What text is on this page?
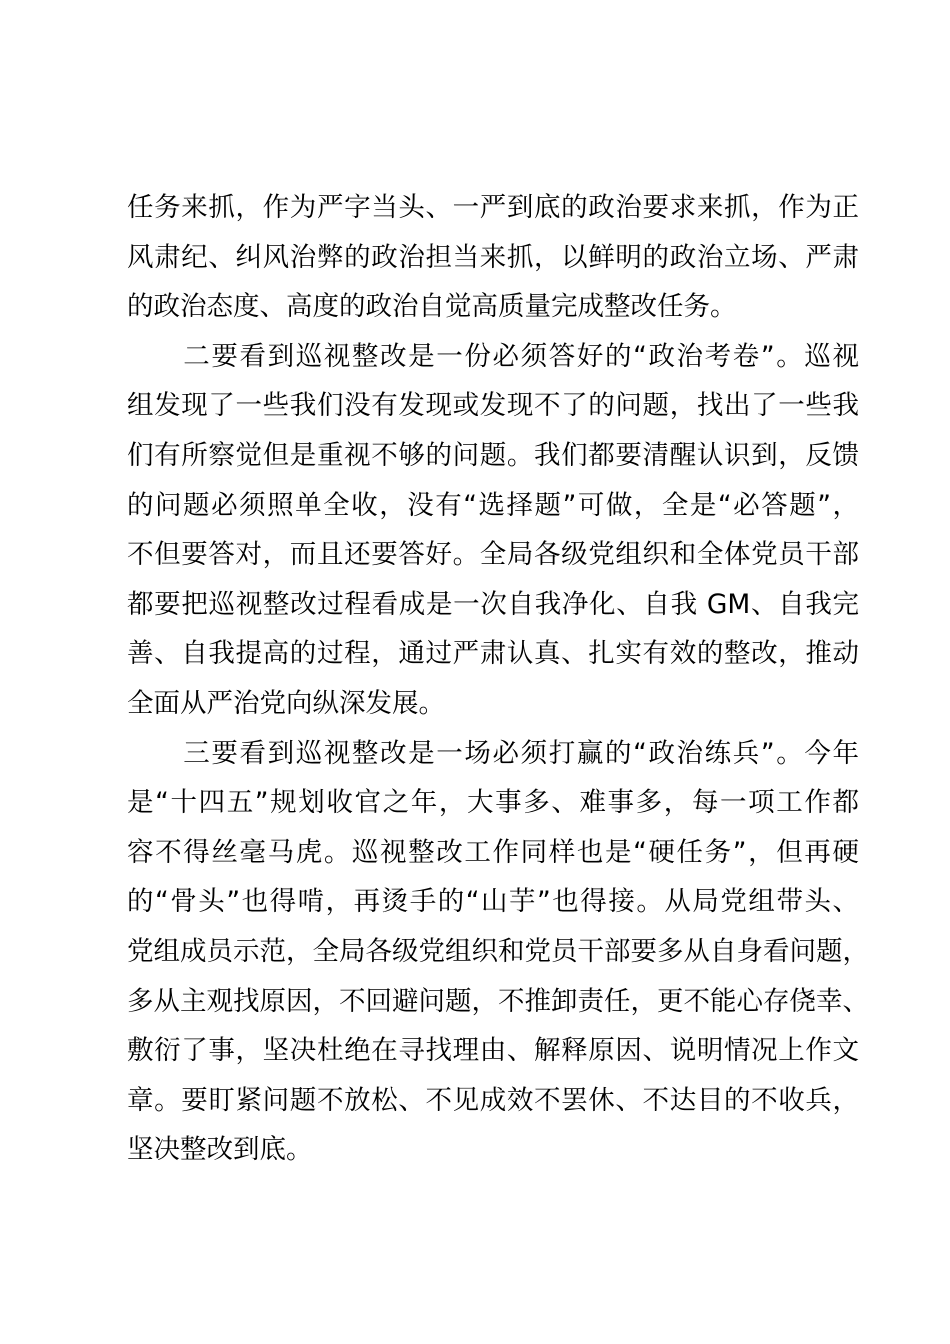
任务来抓，作为严字当头、一严到底的政治要求来抓，作为正
风肃纪、纠风治弊的政治担当来抓，以鲜明的政治立场、严肃
的政治态度、高度的政治自觉高质量完成整改任务。
　　二要看到巡视整改是一份必须答好的“政治考卷”。巡视
组发现了一些我们没有发现或发现不了的问题，找出了一些我
们有所察觉但是重视不够的问题。我们都要清醒认识到，反馈
的问题必须照单全收，没有“选择题”可做，全是“必答题”，
不但要答对，而且还要答好。全局各级党组织和全体党员干部
都要把巡视整改过程看成是一次自我净化、自我 GM、自我完
善、自我提高的过程，通过严肃认真、扎实有效的整改，推动
全面从严治党向纵深发展。
　　三要看到巡视整改是一场必须打赢的“政治练兵”。今年
是“十四五”规划收官之年，大事多、难事多，每一项工作都
容不得丝毫马虎。巡视整改工作同样也是“硬任务”，但再硬
的“骨头”也得啃，再烫手的“山芋”也得接。从局党组带头、
党组成员示范，全局各级党组织和党员干部要多从自身看问题，
多从主观找原因，不回避问题，不推卸责任，更不能心存侥幸、
敷衍了事，坚决杜绝在寻找理由、解释原因、说明情况上作文
章。要盯紧问题不放松、不见成效不罢休、不达目的不收兵，
坚决整改到底。
